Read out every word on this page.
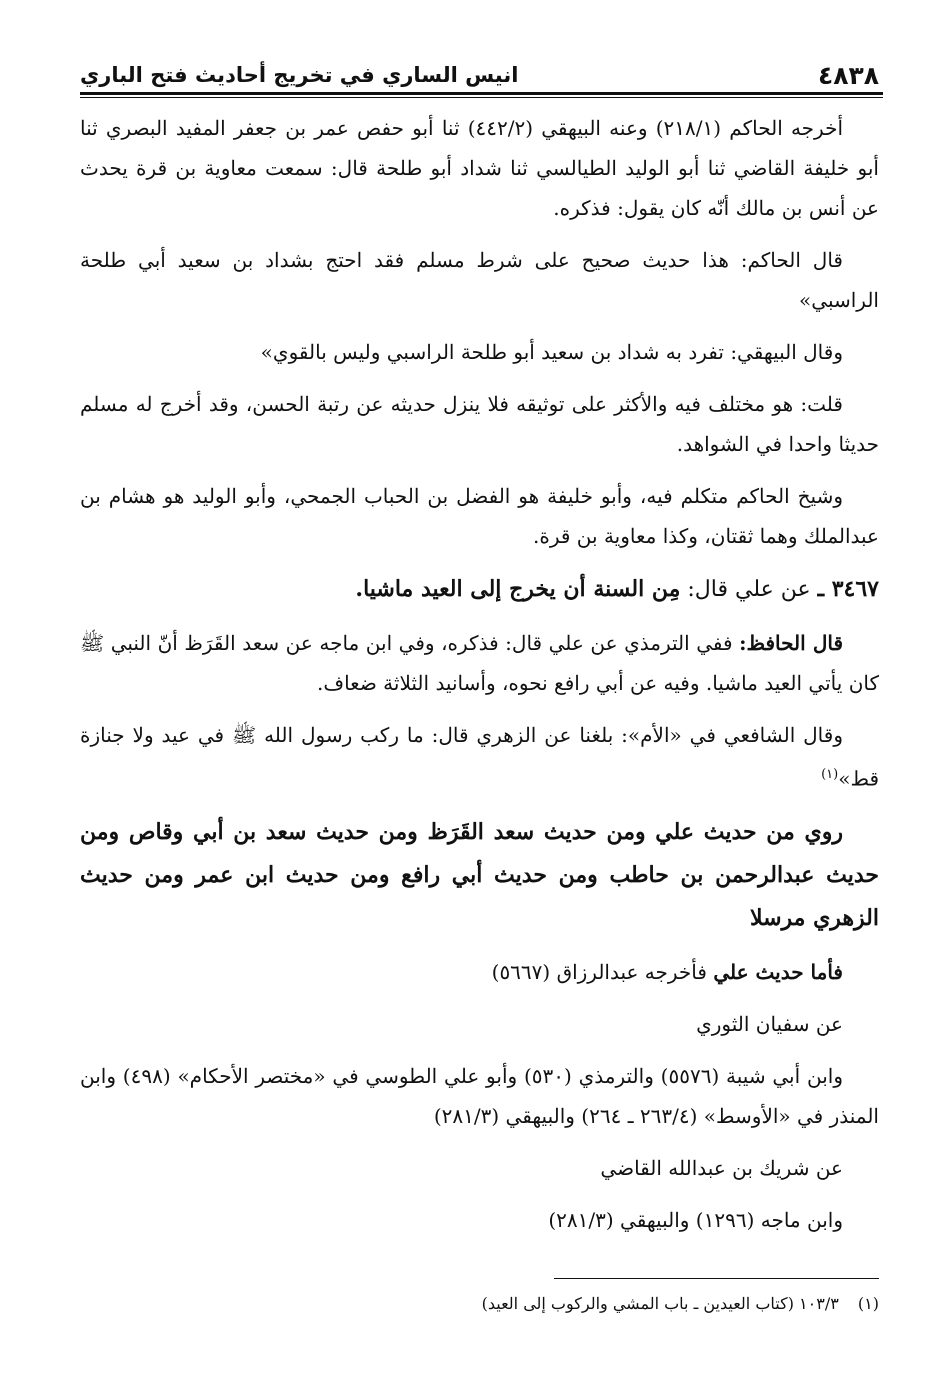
٤٨٣٨
انيس الساري في تخريج أحاديث فتح الباري

أخرجه الحاكم (٢١٨/١) وعنه البيهقي (٤٤٢/٢) ثنا أبو حفص عمر بن جعفر المفيد البصري ثنا أبو خليفة القاضي ثنا أبو الوليد الطيالسي ثنا شداد أبو طلحة قال: سمعت معاوية بن قرة يحدث عن أنس بن مالك أنّه كان يقول: فذكره.

قال الحاكم: هذا حديث صحيح على شرط مسلم فقد احتج بشداد بن سعيد أبي طلحة الراسبي»

وقال البيهقي: تفرد به شداد بن سعيد أبو طلحة الراسبي وليس بالقوي»

قلت: هو مختلف فيه والأكثر على توثيقه فلا ينزل حديثه عن رتبة الحسن، وقد أخرج له مسلم حديثا واحدا في الشواهد.

وشيخ الحاكم متكلم فيه، وأبو خليفة هو الفضل بن الحباب الجمحي، وأبو الوليد هو هشام بن عبدالملك وهما ثقتان، وكذا معاوية بن قرة.

٣٤٦٧ ـ عن علي قال: مِن السنة أن يخرج إلى العيد ماشيا.

قال الحافظ: ففي الترمذي عن علي قال: فذكره، وفي ابن ماجه عن سعد القَرَظ أنّ النبي ﷺ كان يأتي العيد ماشيا. وفيه عن أبي رافع نحوه، وأسانيد الثلاثة ضعاف.

وقال الشافعي في «الأم»: بلغنا عن الزهري قال: ما ركب رسول الله ﷺ في عيد ولا جنازة قط»$^{(١)}$

روي من حديث علي ومن حديث سعد القَرَظ ومن حديث سعد بن أبي وقاص ومن حديث عبدالرحمن بن حاطب ومن حديث أبي رافع ومن حديث ابن عمر ومن حديث الزهري مرسلا

فأما حديث علي فأخرجه عبدالرزاق (٥٦٦٧)

عن سفيان الثوري

وابن أبي شيبة (٥٥٧٦) والترمذي (٥٣٠) وأبو علي الطوسي في «مختصر الأحكام» (٤٩٨) وابن المنذر في «الأوسط» (٢٦٣/٤ ـ ٢٦٤) والبيهقي (٢٨١/٣)

عن شريك بن عبدالله القاضي

وابن ماجه (١٢٩٦) والبيهقي (٢٨١/٣)

(١) ١٠٣/٣ (كتاب العيدين ـ باب المشي والركوب إلى العيد)
